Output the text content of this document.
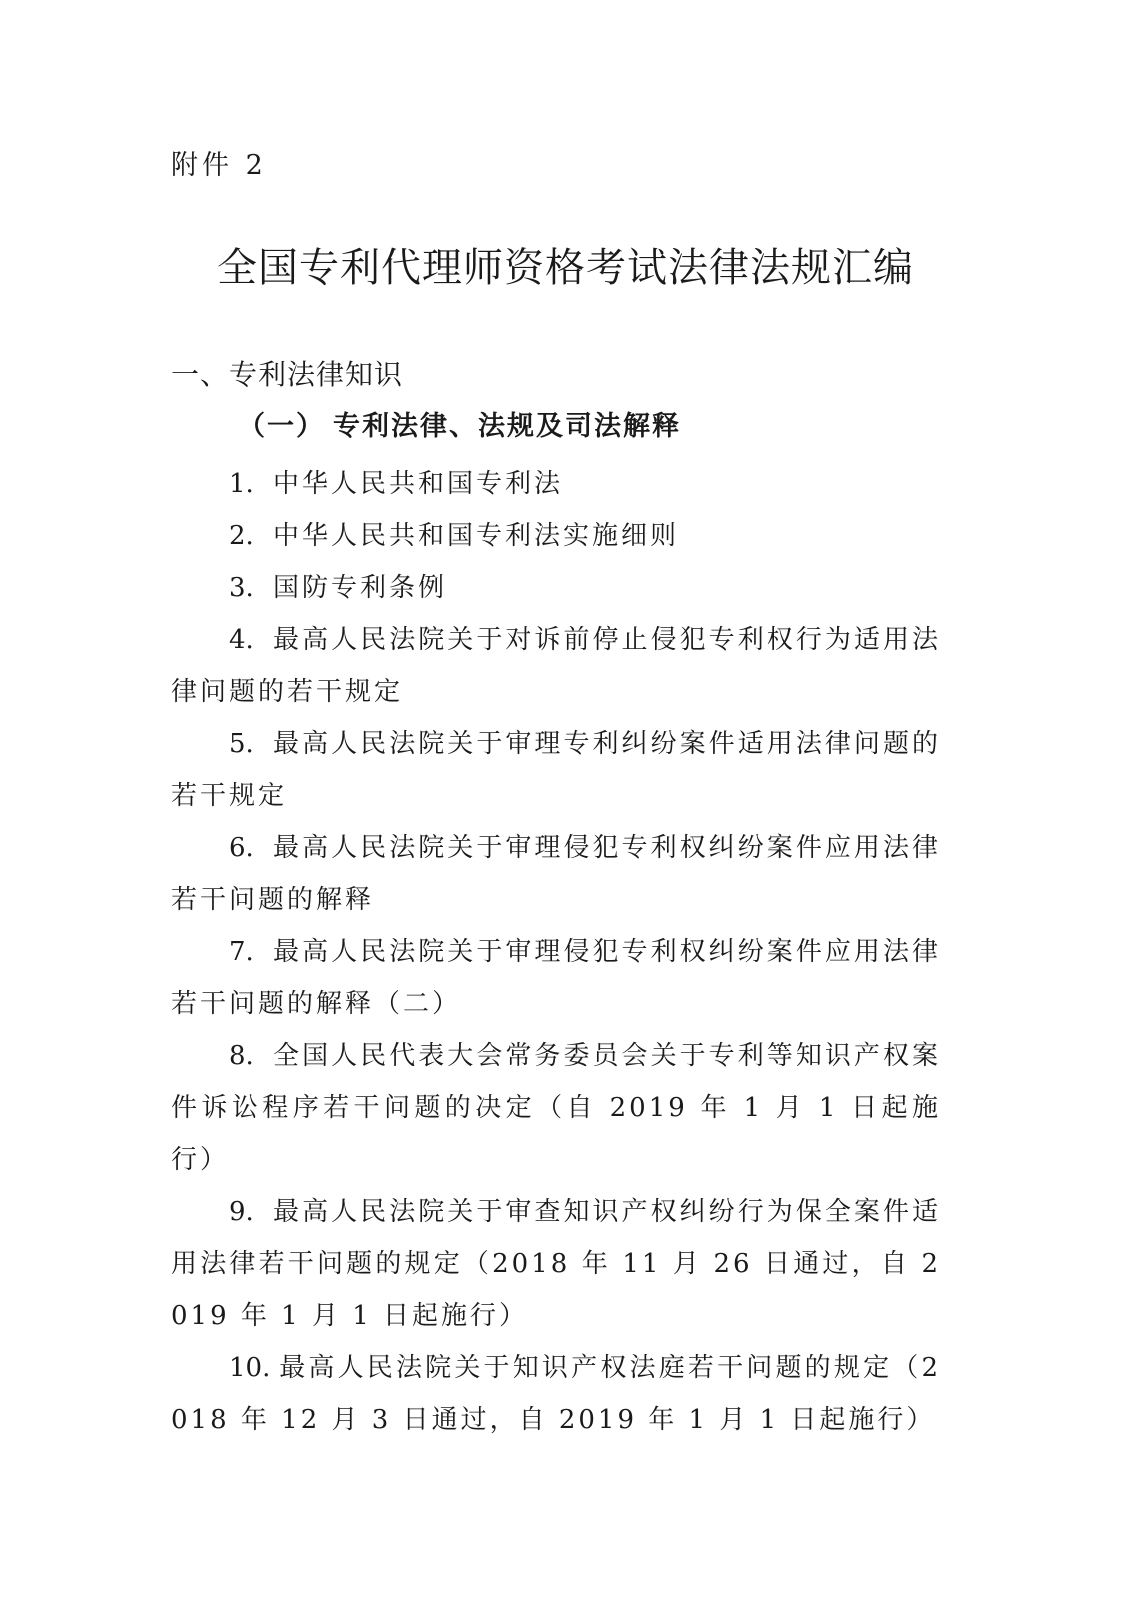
附件 2
全国专利代理师资格考试法律法规汇编
一、专利法律知识
（一） 专利法律、法规及司法解释
1. 中华人民共和国专利法
2. 中华人民共和国专利法实施细则
3. 国防专利条例
4. 最高人民法院关于对诉前停止侵犯专利权行为适用法律问题的若干规定
5. 最高人民法院关于审理专利纠纷案件适用法律问题的若干规定
6. 最高人民法院关于审理侵犯专利权纠纷案件应用法律若干问题的解释
7. 最高人民法院关于审理侵犯专利权纠纷案件应用法律若干问题的解释（二）
8. 全国人民代表大会常务委员会关于专利等知识产权案件诉讼程序若干问题的决定（自 2019 年 1 月 1 日起施行）
9. 最高人民法院关于审查知识产权纠纷行为保全案件适用法律若干问题的规定（2018 年 11 月 26 日通过，自 2019 年 1 月 1 日起施行）
10. 最高人民法院关于知识产权法庭若干问题的规定（2018 年 12 月 3 日通过，自 2019 年 1 月 1 日起施行）
